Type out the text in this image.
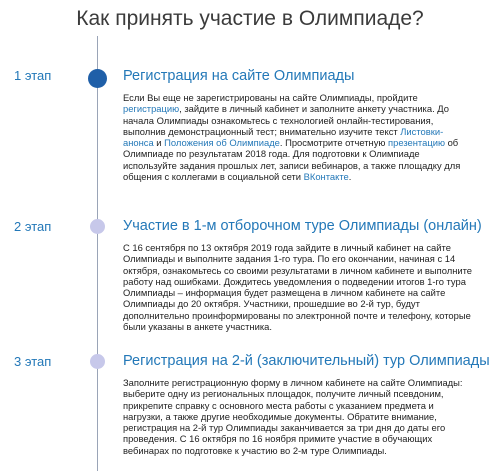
Как принять участие в Олимпиаде?
1 этап	Регистрация на сайте Олимпиады

Если Вы еще не зарегистрированы на сайте Олимпиады, пройдите регистрацию, зайдите в личный кабинет и заполните анкету участника. До начала Олимпиады ознакомьтесь с технологией онлайн-тестирования, выполнив демонстрационный тест; внимательно изучите текст Листовки-анонса и Положения об Олимпиаде. Просмотрите отчетную презентацию об Олимпиаде по результатам 2018 года. Для подготовки к Олимпиаде используйте задания прошлых лет, записи вебинаров, а также площадку для общения с коллегами в социальной сети ВКонтакте.

2 этап	Участие в 1-м отборочном туре Олимпиады (онлайн)

С 16 сентября по 13 октября 2019 года зайдите в личный кабинет на сайте Олимпиады и выполните задания 1-го тура. По его окончании, начиная с 14 октября, ознакомьтесь со своими результатами в личном кабинете и выполните работу над ошибками. Дождитесь уведомления о подведении итогов 1-го тура Олимпиады – информация будет размещена в личном кабинете на сайте Олимпиады до 20 октября. Участники, прошедшие во 2-й тур, будут дополнительно проинформированы по электронной почте и телефону, которые были указаны в анкете участника.

3 этап	Регистрация на 2-й (заключительный) тур Олимпиады

Заполните регистрационную форму в личном кабинете на сайте Олимпиады: выберите одну из региональных площадок, получите личный псевдоним, прикрепите справку с основного места работы с указанием предмета и нагрузки, а также другие необходимые документы. Обратите внимание, регистрация на 2-й тур Олимпиады заканчивается за три дня до даты его проведения. С 16 октября по 16 ноября примите участие в обучающих вебинарах по подготовке к участию во 2-м туре Олимпиады.
